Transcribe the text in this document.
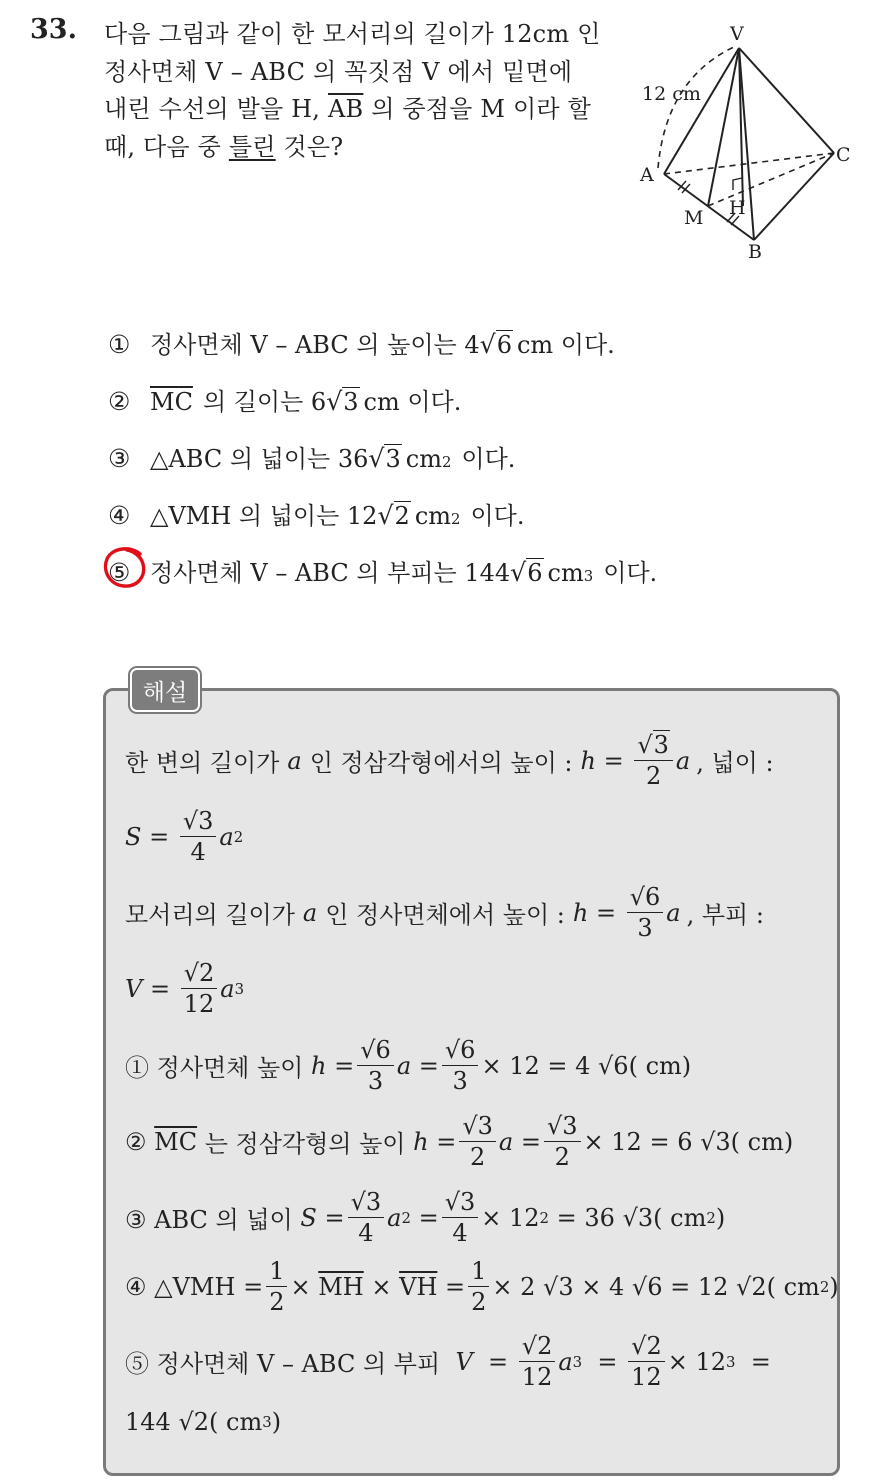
33. 다음 그림과 같이 한 모서리의 길이가 12cm 인
정사면체 V – ABC 의 꼭짓점 V 에서 밑면에
내린 수선의 발을 H, $\overline{AB}$ 의 중점을 M 이라 할
때, 다음 중 틀린 것은?
V
A
B
C
M H
12 cm
① 정사면체 V – ABC 의 높이는 4 √6 cm 이다.
② $\overline{MC}$ 의 길이는 6 √3 cm 이다.
③ △ABC 의 넓이는 36 √3 cm 2 이다.
④ △VMH 의 넓이는 12 √2 cm 2 이다.
⑤ 정사면체 V – ABC 의 부피는 144 √6 cm 3 이다.
해설
한 변의 길이가 a 인 정삼각형에서의 높이 : $h = \frac{√3}{2}$ a , 넓이 :
$S = \frac{√3}{4}$ a 2
모서리의 길이가 a 인 정사면체에서 높이 : $h = \frac{√6}{3}$ a , 부피 :
$V = \frac{√2}{12}$ a 3
① 정사면체 높이
$h = \frac{√6}{3}$ $a = \frac{√6}{3} \times 12 = 4$ √ 6 ( cm)
② $\overline{MC}$
는 정삼각형의 높이
$h = \frac{√3}{2}$ $a = \frac{√3}{2} \times 12 = 6$ √ 3 ( cm)
③ ABC 의 넓이
$S = \frac{√3}{4}$ a $2 = \frac{√3}{4} \times 12$ 2
= 36 √ 3 ( cm 2 )
④ △VMH = $\frac{1}{2} \times \overline{MH} \times \overline{VH} = \frac{1}{2} \times 2$ √ 3
× 4 √ 6
= 12 √ 2 ( cm 2 )
⑤ 정사면체 V – ABC 의 부피
$V = \frac{√2}{12}$ a $3 = \frac{√2}{12} \times 12$ 3
=
144 √ 2 ( cm 3 )
